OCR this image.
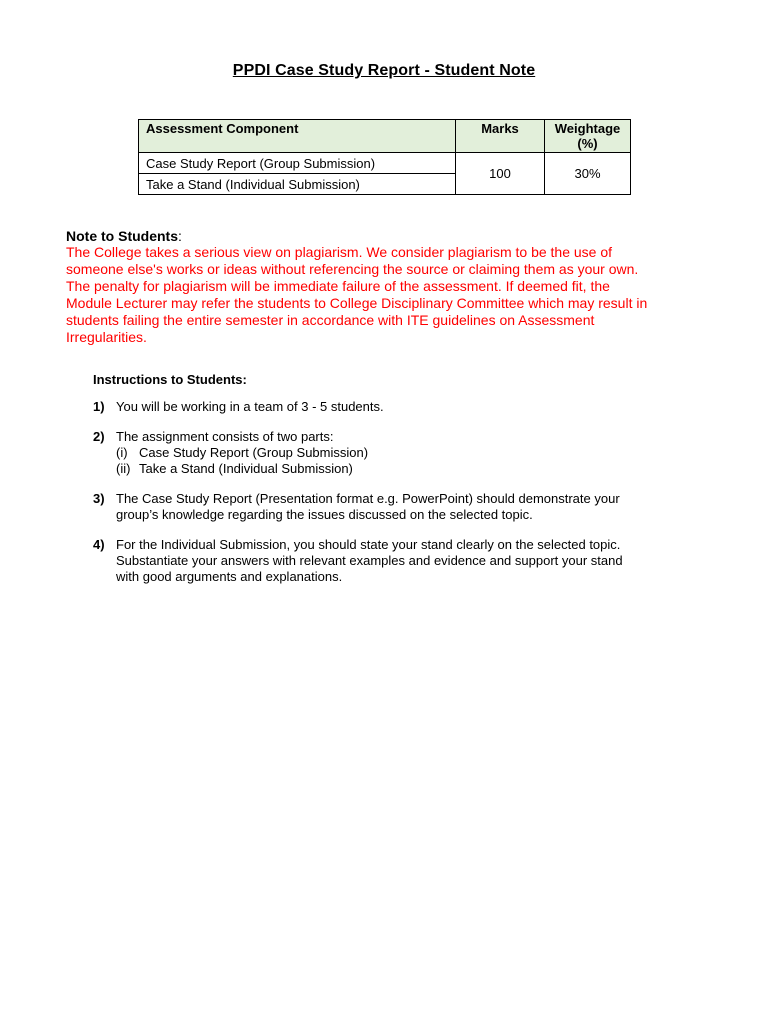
PPDI Case Study Report - Student Note
Assessment Component	Marks	Weightage
(%)
Case Study Report (Group Submission)	100	30%
Take a Stand (Individual Submission)		
Note to Students:
The College takes a serious view on plagiarism. We consider plagiarism to be the use of
someone else's works or ideas without referencing the source or claiming them as your own.
The penalty for plagiarism will be immediate failure of the assessment. If deemed fit, the
Module Lecturer may refer the students to College Disciplinary Committee which may result in
students failing the entire semester in accordance with ITE guidelines on Assessment
Irregularities.
Instructions to Students:
1) You will be working in a team of 3 - 5 students.
2) The assignment consists of two parts:
(i) Case Study Report (Group Submission)
(ii) Take a Stand (Individual Submission)
3) The Case Study Report (Presentation format e.g. PowerPoint) should demonstrate your
group’s knowledge regarding the issues discussed on the selected topic.
4) For the Individual Submission, you should state your stand clearly on the selected topic.
Substantiate your answers with relevant examples and evidence and support your stand
with good arguments and explanations.
